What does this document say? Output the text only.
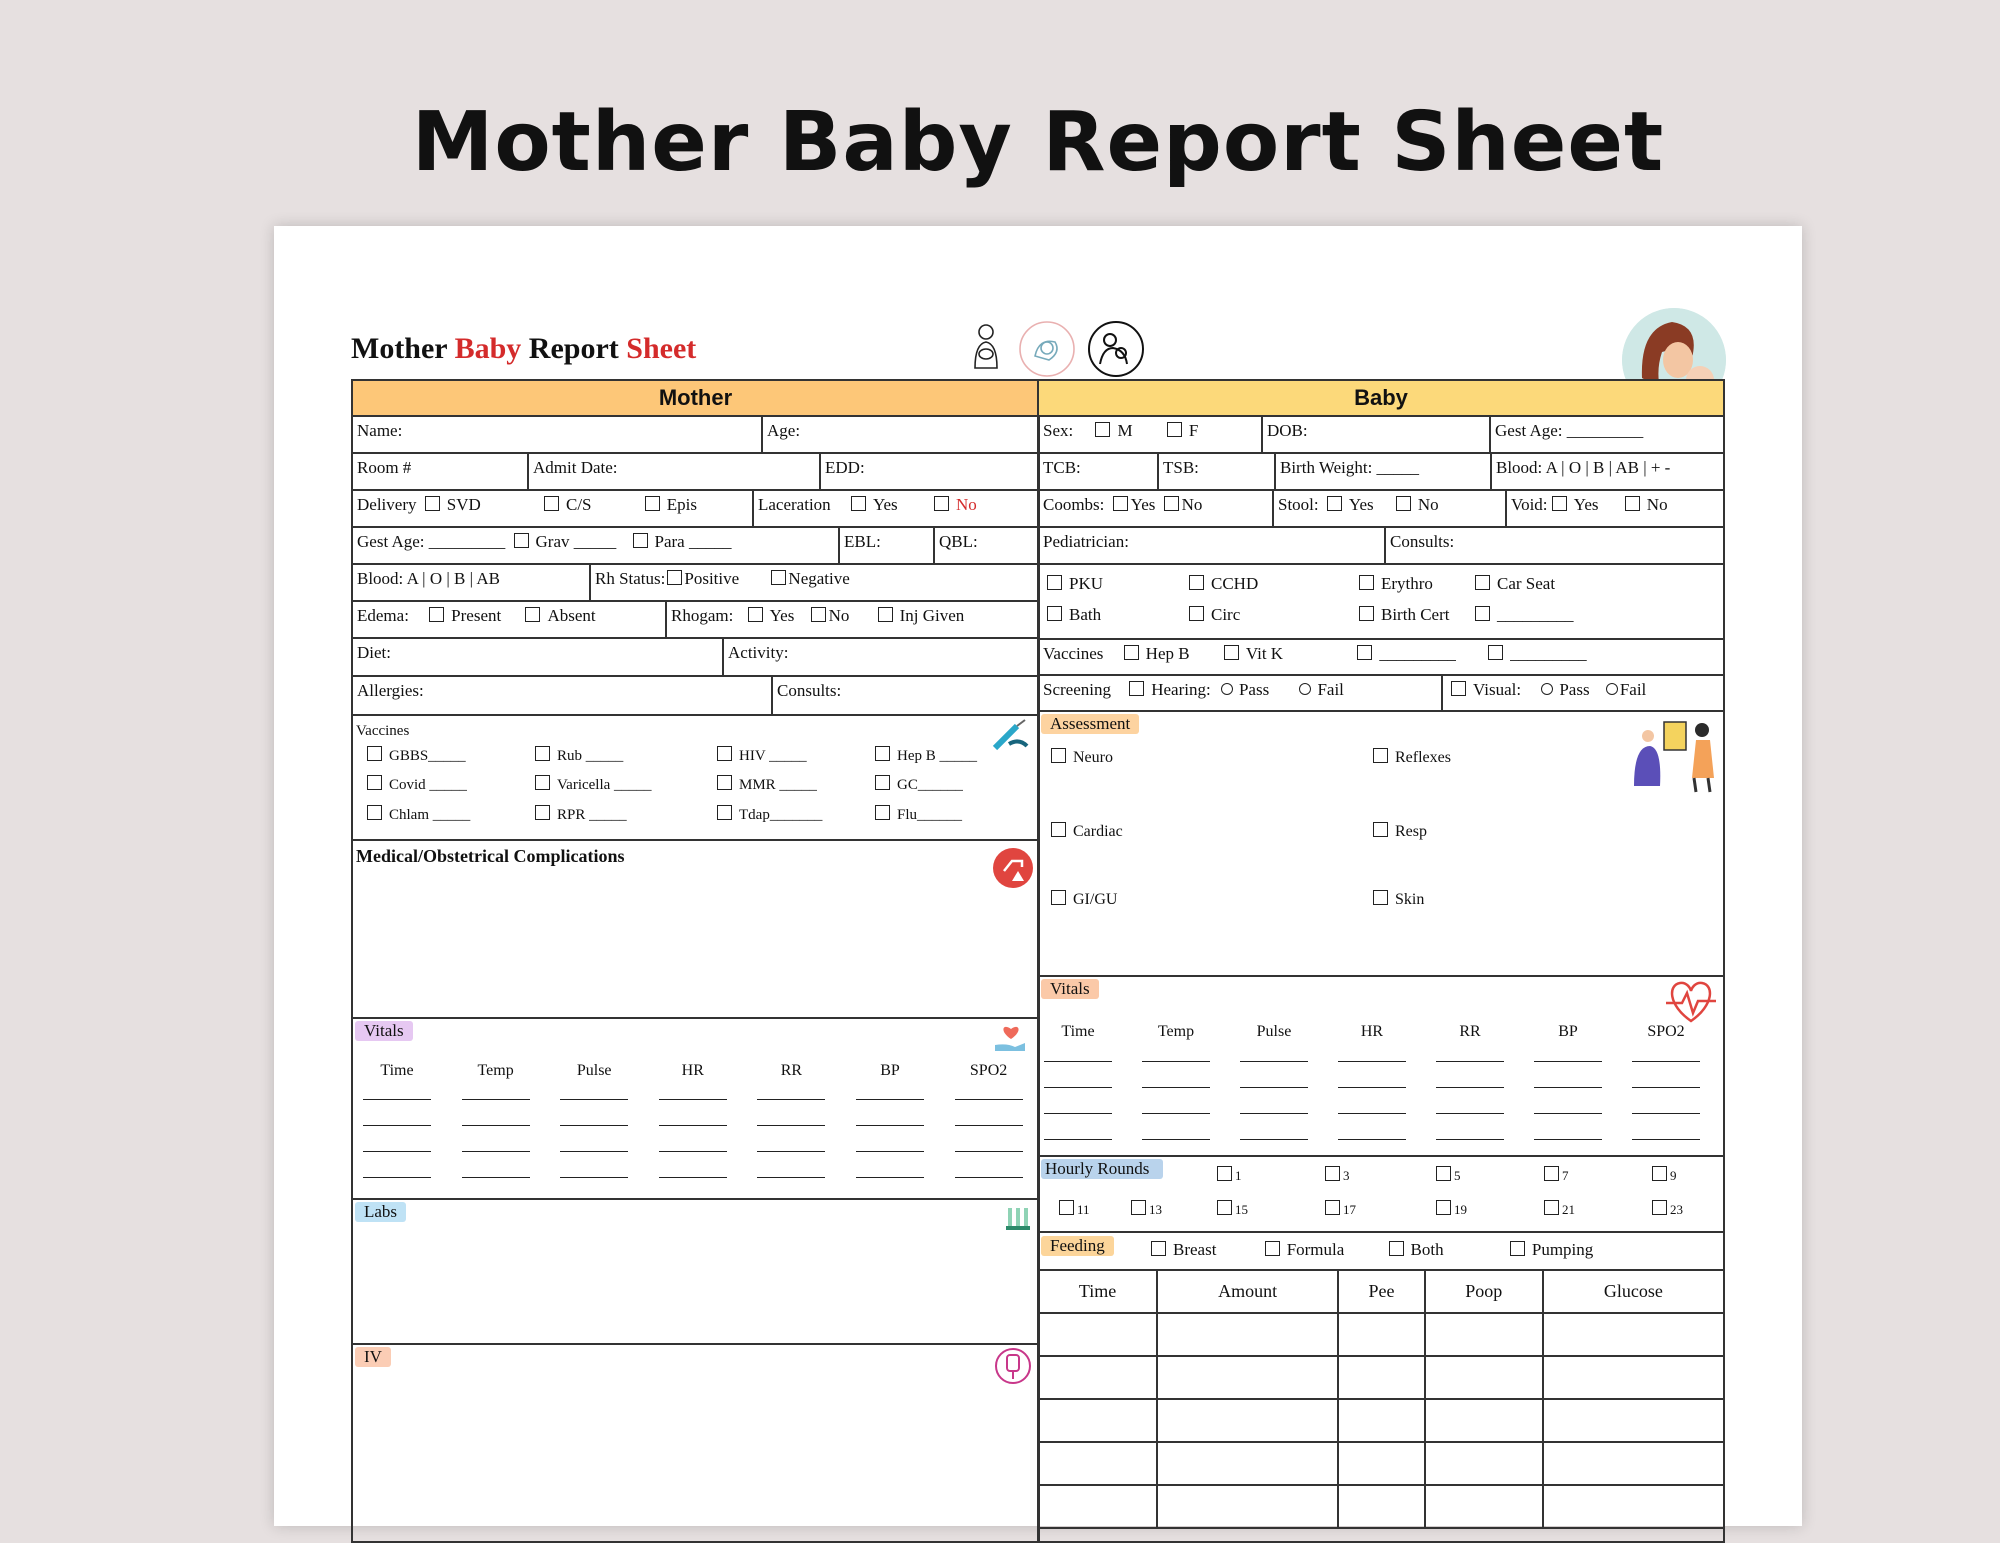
Mother Baby Report Sheet
Mother Baby Report Sheet
Mother
Name:	Age:
Room #	Admit Date:	EDD:
Delivery SVD	C/S	Epis	Laceration Yes	No
Gest Age: _________ Grav _____ Para _____	EBL:	QBL:
Blood: A | O | B | AB	Rh Status: Positive	Negative
Edema: Present	Absent	Rhogam: Yes No	Inj Given
Diet:	Activity:
Allergies:	Consults:
Vaccines
GBBS_____	Rub _____	HIV _____	Hep B _____
Covid _____	Varicella _____	MMR _____	GC______
Chlam _____	RPR _____	Tdap_______	Flu______
Medical/Obstetrical Complications
Vitals
Time	Temp	Pulse	HR	RR	BP	SPO2
Labs
IV
Baby
Sex:	M	F	DOB:	Gest Age: _________
TCB:	TSB:	Birth Weight: _____	Blood: A | O | B | AB | + -
Coombs: Yes No	Stool: Yes	No	Void: Yes	No
Pediatrician:	Consults:
PKU	CCHD	Erythro	Car Seat
Bath	Circ	Birth Cert	_________
Vaccines Hep B	Vit K	_________	_________
Screening Hearing: Pass	Fail	Visual: Pass Fail
Assessment
Neuro	Reflexes
Cardiac	Resp
GI/GU	Skin
Vitals
Time	Temp	Pulse	HR	RR	BP	SPO2
Hourly Rounds	1	3	5	7	9
11	13	15	17	19	21	23
Feeding	Breast	Formula	Both	Pumping
Time	Amount	Pee	Poop	Glucose
